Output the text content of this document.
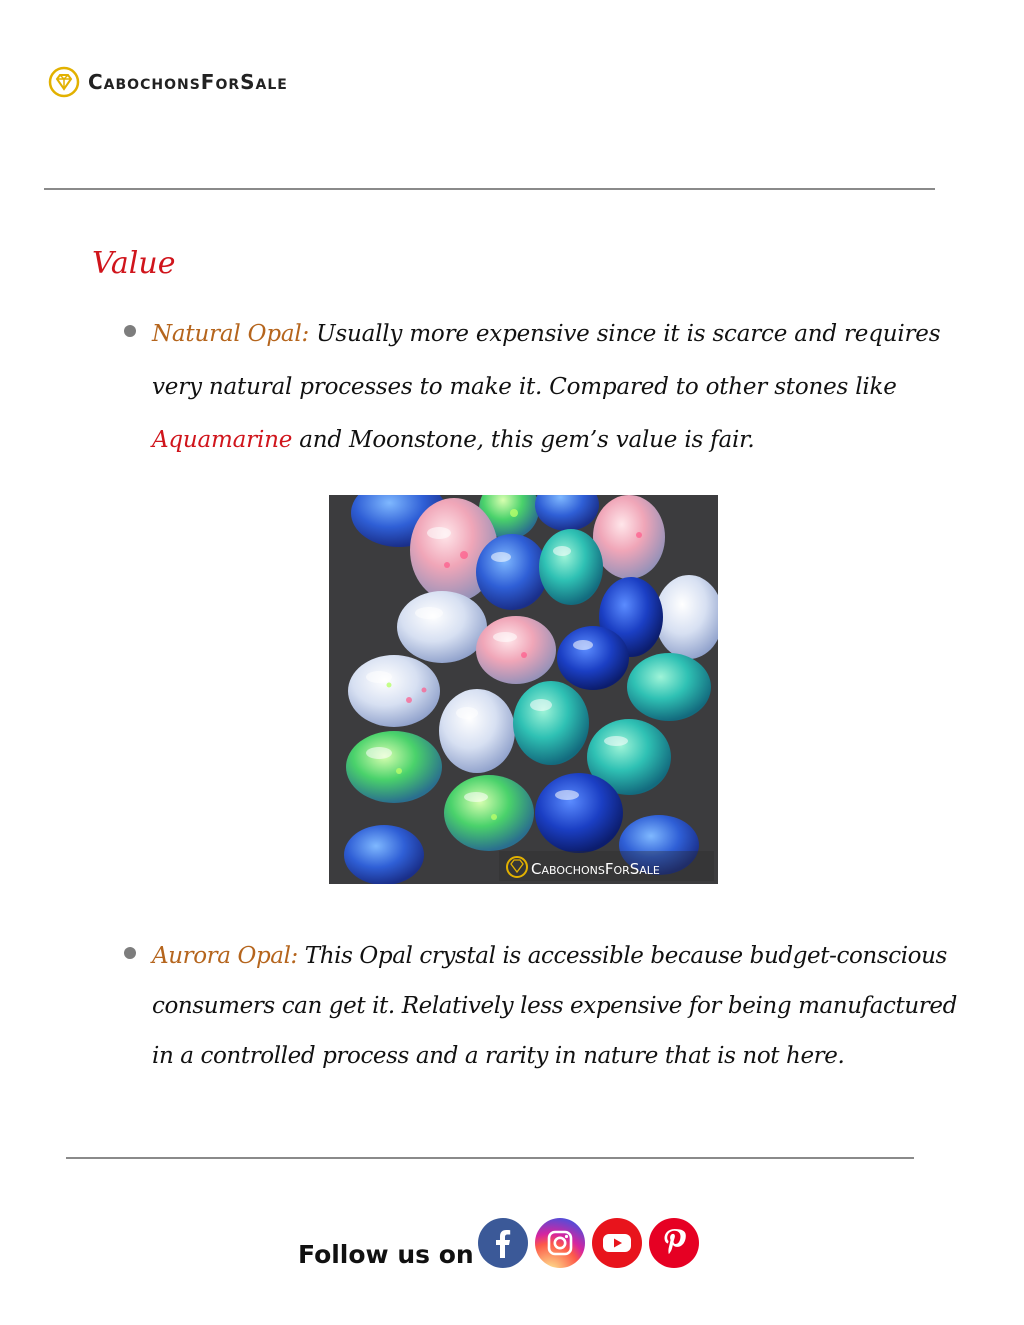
CabochonsForSale
Value

Natural Opal: Usually more expensive since it is scarce and requires very natural processes to make it. Compared to other stones like Aquamarine and Moonstone, this gem’s value is fair.

CabochonsForSale

Aurora Opal: This Opal crystal is accessible because budget-conscious consumers can get it. Relatively less expensive for being manufactured in a controlled process and a rarity in nature that is not here.

Follow us on
